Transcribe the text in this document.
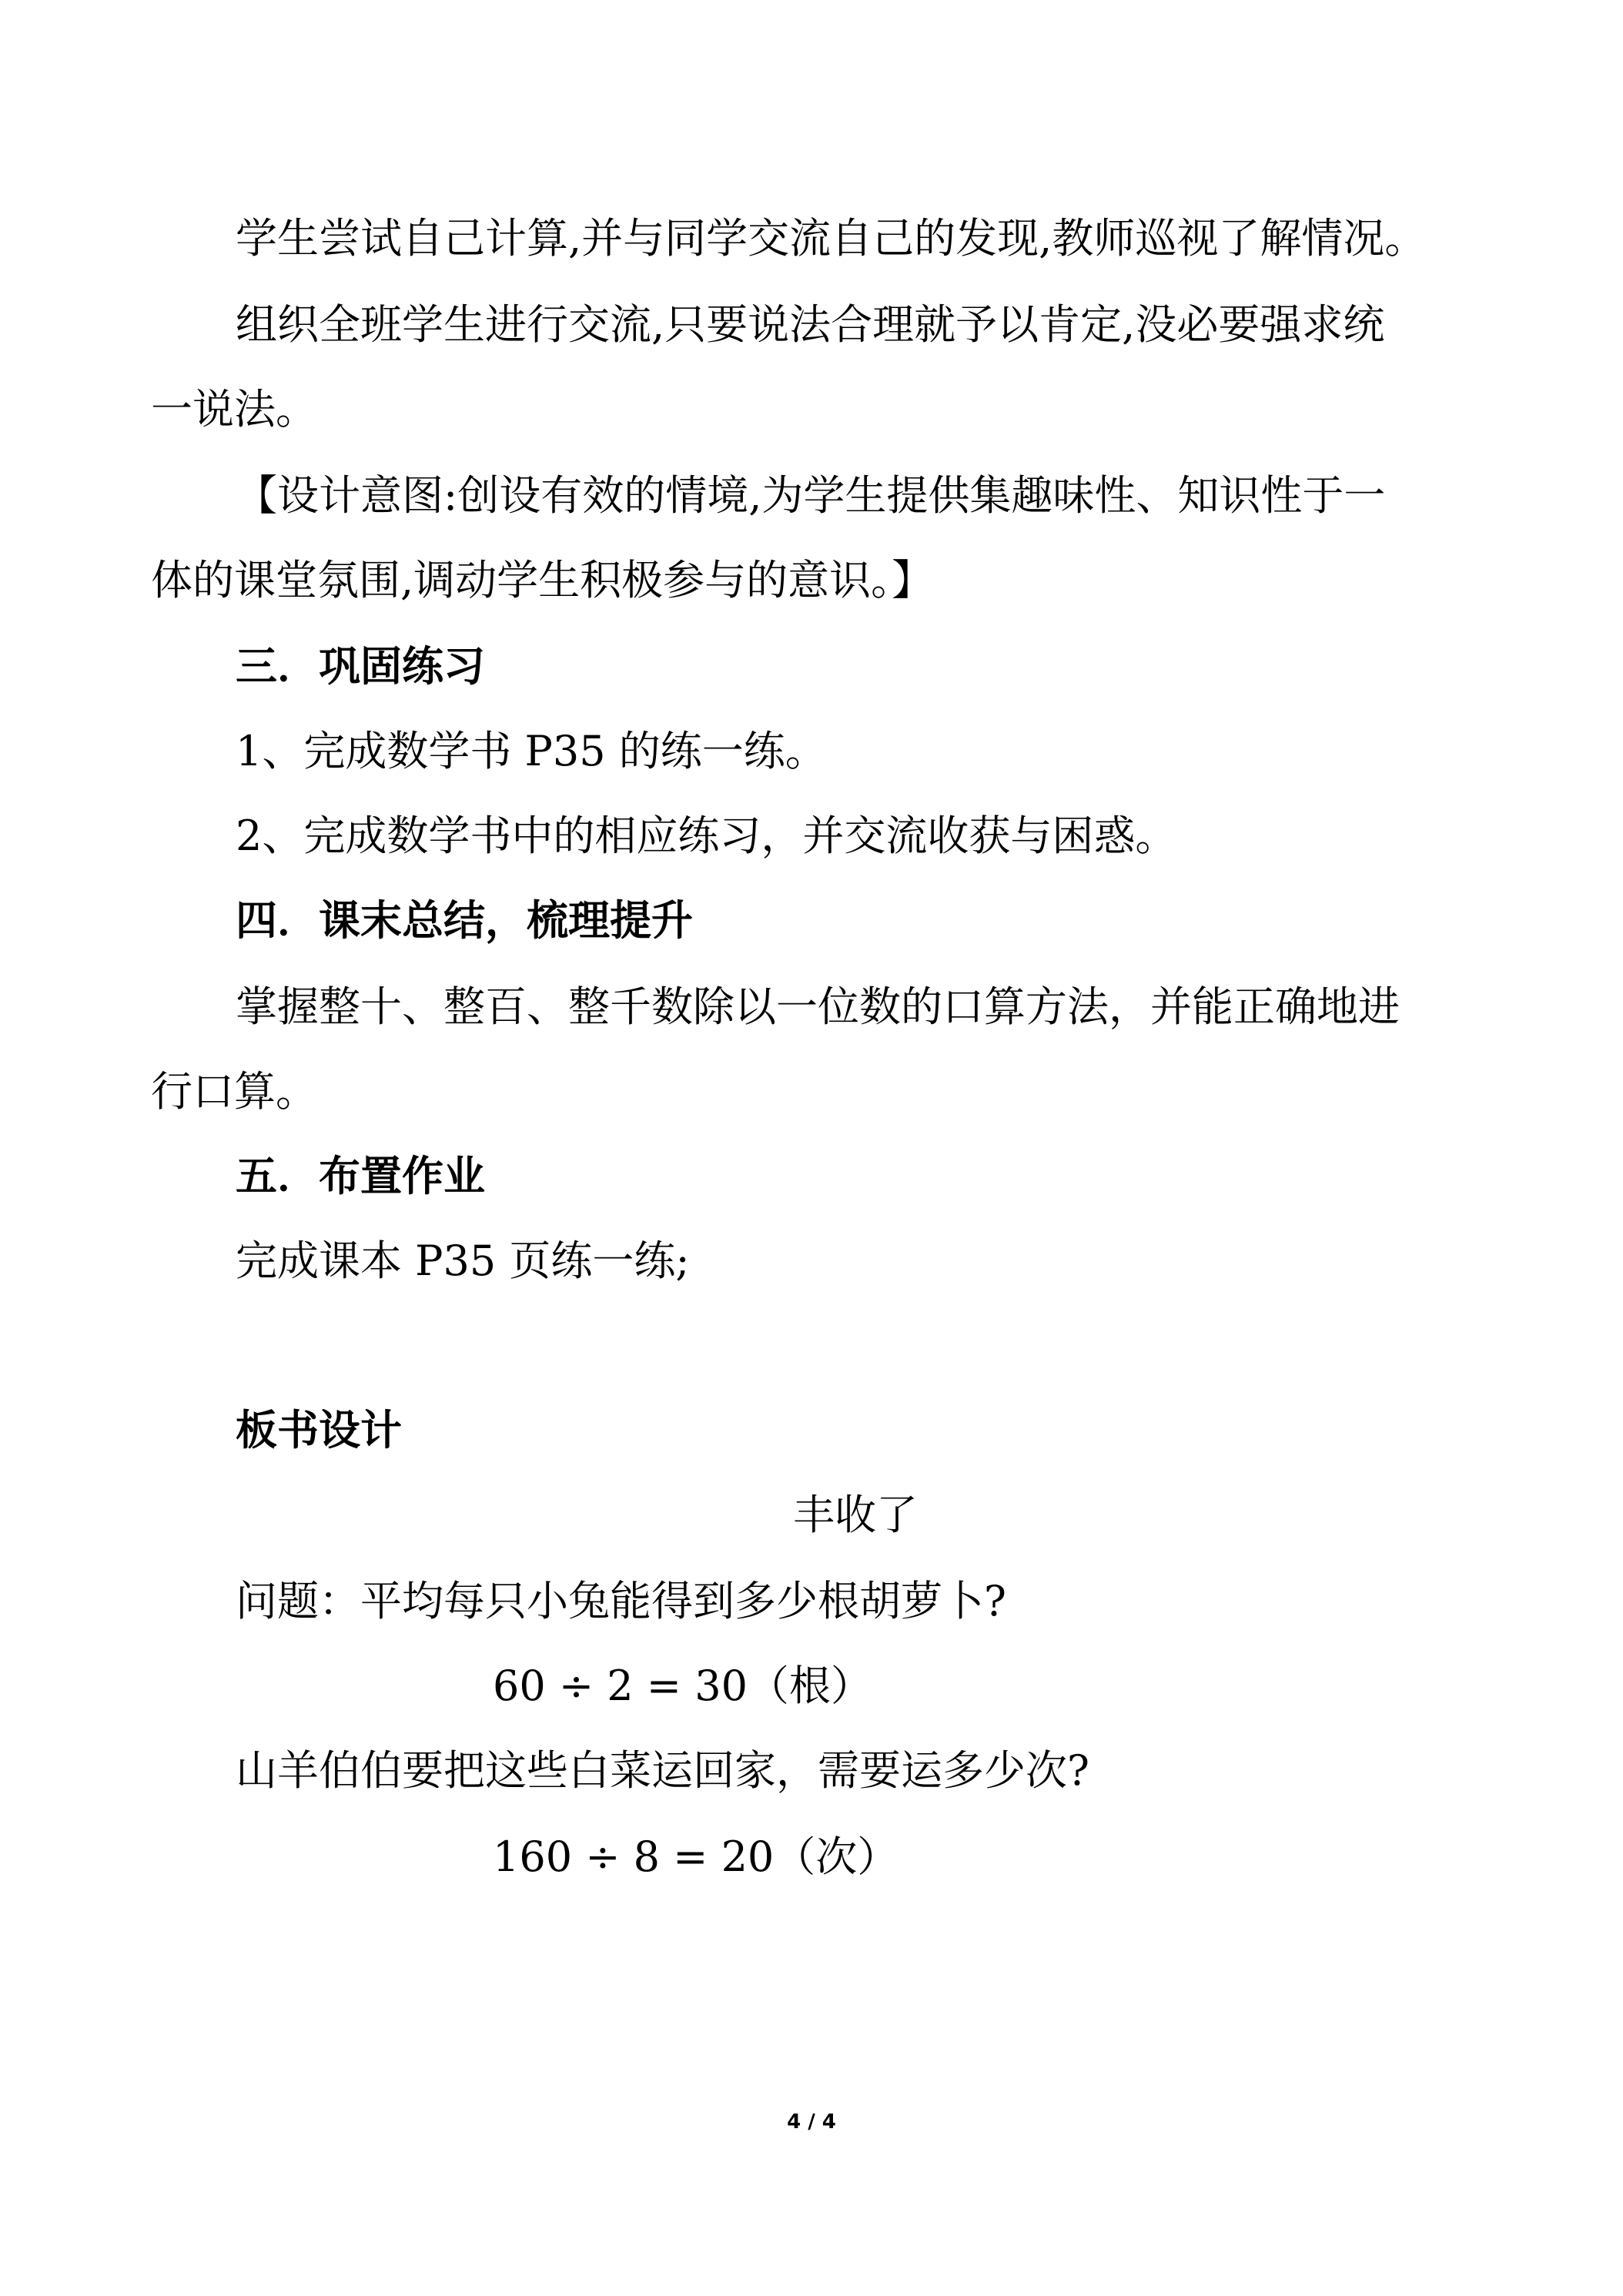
学生尝试自己计算,并与同学交流自己的发现,教师巡视了解情况。
组织全班学生进行交流,只要说法合理就予以肯定,没必要强求统
一说法。
【设计意图:创设有效的情境,为学生提供集趣味性、知识性于一
体的课堂氛围,调动学生积极参与的意识。】
三．巩固练习
1、完成数学书 P35 的练一练。
2、完成数学书中的相应练习，并交流收获与困惑。
四．课末总结，梳理提升
掌握整十、整百、整千数除以一位数的口算方法，并能正确地进
行口算。
五．布置作业
完成课本 P35 页练一练;
板书设计
丰收了
问题：平均每只小兔能得到多少根胡萝卜?
60 ÷ 2 = 30（根）
山羊伯伯要把这些白菜运回家，需要运多少次?
160 ÷ 8 = 20（次）
4 / 4
